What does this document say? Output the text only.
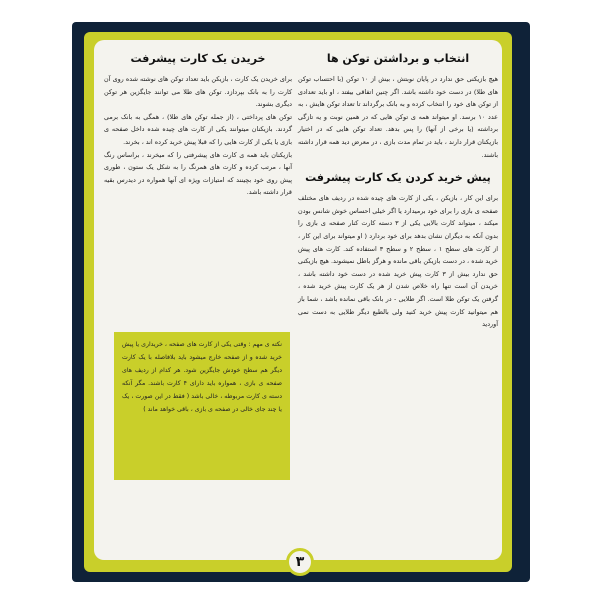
انتخاب و برداشتن توکن ها

هیچ بازیکنی حق ندارد در پایان نوبتش ، بیش از ۱۰ توکن (با احتساب توکن های طلا) در دست خود داشته باشد. اگر چنین اتفاقی بیفتد ، او باید تعدادی از توکن های خود را انتخاب کرده و به بانک برگرداند تا تعداد توکن هایش ، به عدد ۱۰ برسد. او میتواند همه ی توکن هایی که در همین نوبت و یه تازگی برداشته (یا برخی از آنها) را پس بدهد. تعداد توکن هایی که در اختیار بازیکنان قرار دارند ، باید در تمام مدت بازی ، در معرض دید همه قرار داشته باشند.

پیش خرید کردن یک کارت پیشرفت

برای این کار ، بازیکن ، یکی از کارت های چیده شده در ردیف های مختلف صفحه ی بازی را برای خود برمیدارد یا اگر خیلی احساس خوش شانس بودن میکند ، میتواند کارت بالایی یکی از ۳ دسته کارت کنار صفحه ی بازی را بدون آنکه به دیگران نشان بدهد برای خود بردارد ( او میتواند برای این کار ، از کارت های سطح ۱ ، سطح ۲ و سطح ۳ استفاده کند. کارت های پیش خرید شده ، در دست بازیکن باقی مانده و هرگز باطل نمیشوند. هیچ بازیکنی حق ندارد بیش از ۳ کارت پیش خرید شده در دست خود داشته باشد ، خریدن آن است تنها راه خلاص شدن از هر یک کارت پیش خرید شده ، گرفتن یک توکن طلا است. اگر طلایی - در بانک باقی نمانده باشد ، شما باز هم میتوانید کارت پیش خرید کنید ولی بالطبع دیگر طلایی به دست نمی آوردید

خریدن یک کارت پیشرفت

برای خریدن یک کارت ، بازیکن باید تعداد توکن های نوشته شده روی آن کارت را به بانک بپردازد. توکن های طلا می توانند جایگزین هر توکن دیگری بشوند.

توکن های پرداختی ، (از جمله توکن های طلا) ، همگی به بانک برمی گردند. بازیکنان میتوانند یکی از کارت های چیده شده داخل صفحه ی بازی یا یکی از کارت هایی را که قبلا پیش خرید کرده اند ، بخرند.

بازیکنان باید همه ی کارت های پیشرفتی را که میخرند ، براساس رنگ آنها ، مرتب کرده و کارت های همرنگ را به شکل یک ستون ، طوری پیش روی خود بچینند که امتیازات ویژه ای آنها همواره در دیدرس بقیه قرار داشته باشد.

نکته ی مهم : وقتی یکی از کارت های صفحه ، خریداری یا پیش خرید شده و از صفحه خارج میشود باید بلافاصله با یک کارت دیگر هم سطح خودش جایگزین شود. هر کدام از ردیف های صفحه ی بازی ، همواره باید دارای ۴ کارت باشند. مگر آنکه دسته ی کارت مربوطه ، خالی باشد ( فقط در این صورت ، یک یا چند جای خالی در صفحه ی بازی ، باقی خواهد ماند )

۳
